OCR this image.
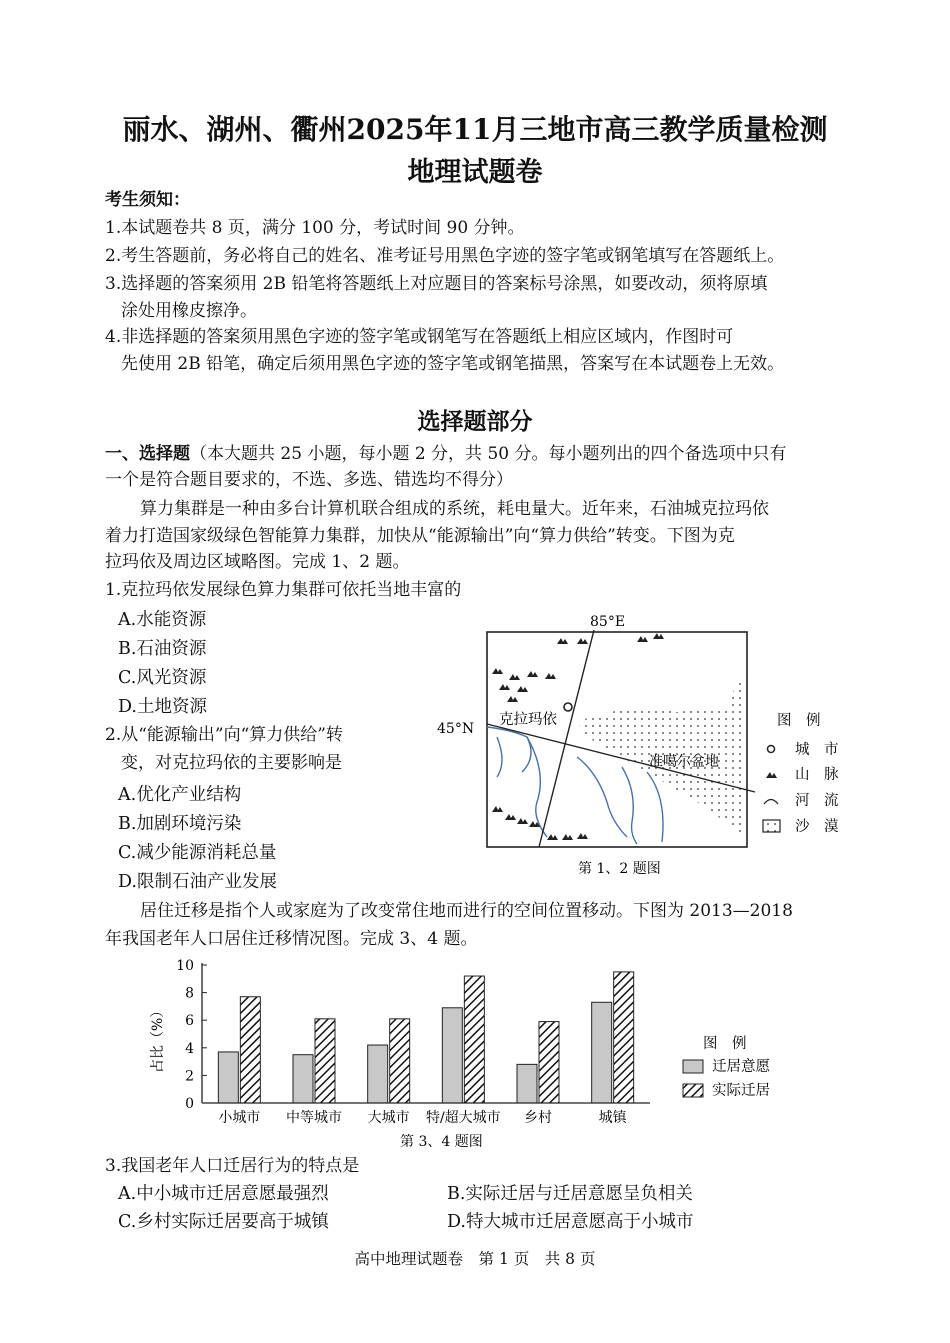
丽水、湖州、衢州2025年11月三地市高三教学质量检测
地理试题卷
考生须知：
1.本试题卷共 8 页，满分 100 分，考试时间 90 分钟。
2.考生答题前，务必将自己的姓名、准考证号用黑色字迹的签字笔或钢笔填写在答题纸上。
3.选择题的答案须用 2B 铅笔将答题纸上对应题目的答案标号涂黑，如要改动，须将原填
涂处用橡皮擦净。
4.非选择题的答案须用黑色字迹的签字笔或钢笔写在答题纸上相应区域内，作图时可
先使用 2B 铅笔，确定后须用黑色字迹的签字笔或钢笔描黑，答案写在本试题卷上无效。
选择题部分
一、选择题（本大题共 25 小题，每小题 2 分，共 50 分。每小题列出的四个备选项中只有
一个是符合题目要求的，不选、多选、错选均不得分）
算力集群是一种由多台计算机联合组成的系统，耗电量大。近年来，石油城克拉玛依
着力打造国家级绿色智能算力集群，加快从“能源输出”向“算力供给”转变。下图为克
拉玛依及周边区域略图。完成 1、2 题。
1.克拉玛依发展绿色算力集群可依托当地丰富的
A.水能资源
B.石油资源
C.风光资源
D.土地资源
2.从“能源输出”向“算力供给”转
变，对克拉玛依的主要影响是
A.优化产业结构
B.加剧环境污染
C.减少能源消耗总量
D.限制石油产业发展
克拉玛依
准噶尔盆地
85°E
45°N
第 1、2 题图
图　例
城　市
山　脉
河　流
沙　漠
居住迁移是指个人或家庭为了改变常住地而进行的空间位置移动。下图为 2013—2018
年我国老年人口居住迁移情况图。完成 3、4 题。
0
2
4
6
8
10
小城市 中等城市 大城市 特/超大城市 乡村	城镇
占比（%）
第 3、4 题图
图　例
迁居意愿
实际迁居
3.我国老年人口迁居行为的特点是
A.中小城市迁居意愿最强烈	B.实际迁居与迁居意愿呈负相关
C.乡村实际迁居要高于城镇	D.特大城市迁居意愿高于小城市
高中地理试题卷　第 1 页　共 8 页
